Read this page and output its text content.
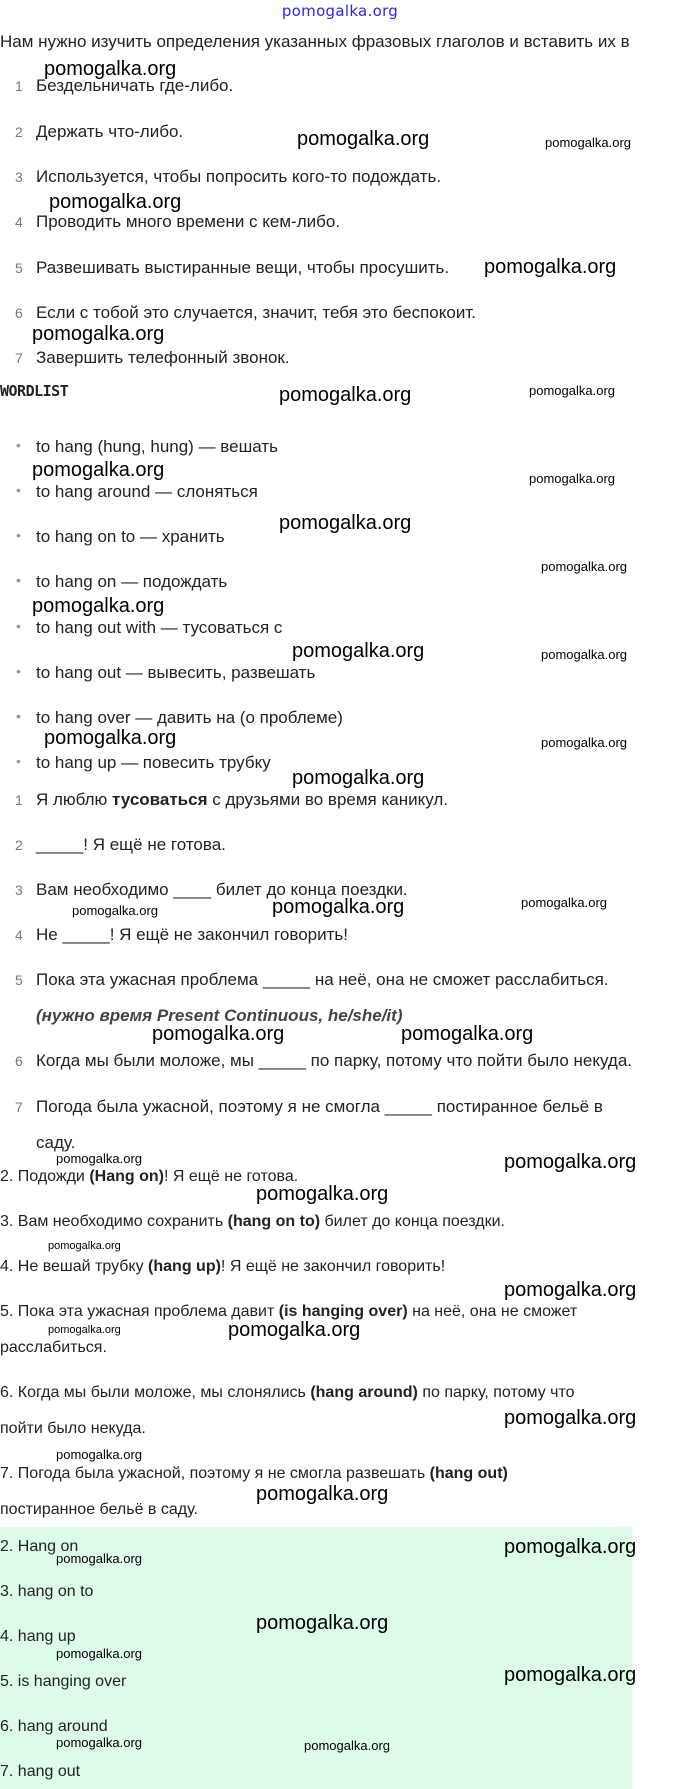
pomogalka.org
Нам нужно изучить определения указанных фразовых глаголов и вставить их в
1 Бездельничать где-либо.
2 Держать что-либо.
3 Используется, чтобы попросить кого-то подождать.
4 Проводить много времени с кем-либо.
5 Развешивать выстиранные вещи, чтобы просушить.
6 Если с тобой это случается, значит, тебя это беспокоит.
7 Завершить телефонный звонок.
WORDLIST
• to hang (hung, hung) — вешать
• to hang around — слоняться
• to hang on to — хранить
• to hang on — подождать
• to hang out with — тусоваться с
• to hang out — вывесить, развешать
• to hang over — давить на (о проблеме)
• to hang up — повесить трубку
1 Я люблю тусоваться с друзьями во время каникул.
2 _____! Я ещё не готова.
3 Вам необходимо ____ билет до конца поездки.
4 Не _____! Я ещё не закончил говорить!
5 Пока эта ужасная проблема _____ на неё, она не сможет расслабиться.
(нужно время Present Continuous, he/she/it)
6 Когда мы были моложе, мы _____ по парку, потому что пойти было некуда.
7 Погода была ужасной, поэтому я не смогла _____ постиранное бельё в
саду.
2. Подожди (Hang on)! Я ещё не готова.
3. Вам необходимо сохранить (hang on to) билет до конца поездки.
4. Не вешай трубку (hang up)! Я ещё не закончил говорить!
5. Пока эта ужасная проблема давит (is hanging over) на неё, она не сможет
расслабиться.
6. Когда мы были моложе, мы слонялись (hang around) по парку, потому что
пойти было некуда.
7. Погода была ужасной, поэтому я не смогла развешать (hang out)
постиранное бельё в саду.
2. Hang on
3. hang on to
4. hang up
5. is hanging over
6. hang around
7. hang out
pomogalka.org
pomogalka.org	pomogalka.org
pomogalka.org
pomogalka.org
pomogalka.org
pomogalka.org	pomogalka.org
pomogalka.org	pomogalka.org
pomogalka.org
pomogalka.org
pomogalka.org
pomogalka.org	pomogalka.org
pomogalka.org	pomogalka.org
pomogalka.org
pomogalka.org	pomogalka.org	pomogalka.org
pomogalka.org	pomogalka.org
pomogalka.org	pomogalka.org
pomogalka.org
pomogalka.org
pomogalka.org
pomogalka.org	pomogalka.org
pomogalka.org
pomogalka.org
pomogalka.org
pomogalka.org
pomogalka.org
pomogalka.org
pomogalka.org
pomogalka.org
pomogalka.org	pomogalka.org
